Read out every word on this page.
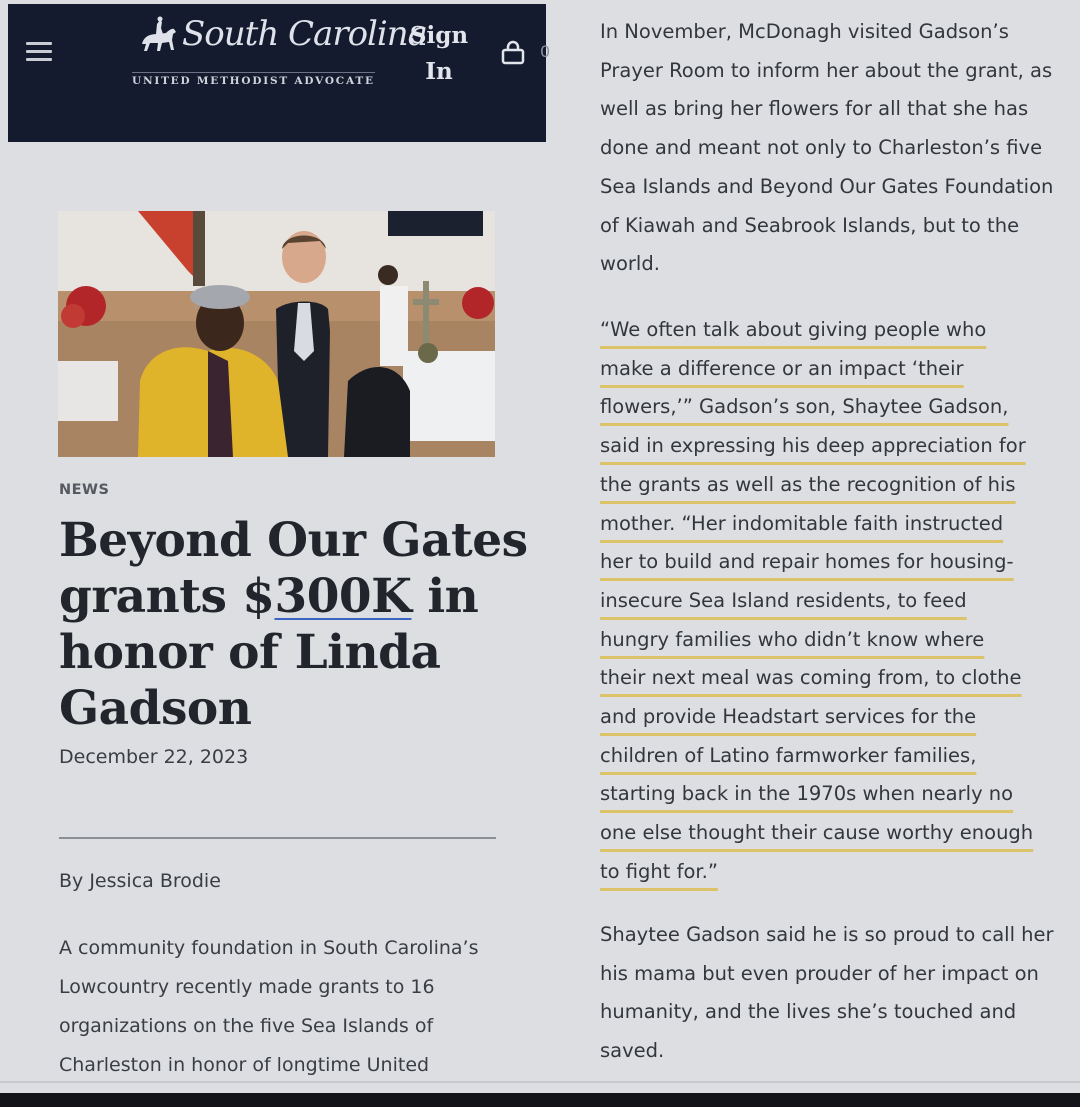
South Carolina
UNITED METHODIST ADVOCATE
Sign In
0
NEWS
Beyond Our Gates grants $300K in honor of Linda Gadson
December 22, 2023
By Jessica Brodie

A community foundation in South Carolina’s Lowcountry recently made grants to 16 organizations on the five Sea Islands of Charleston in honor of longtime United

In November, McDonagh visited Gadson’s Prayer Room to inform her about the grant, as well as bring her flowers for all that she has done and meant not only to Charleston’s five Sea Islands and Beyond Our Gates Foundation of Kiawah and Seabrook Islands, but to the world.

“We often talk about giving people who
make a difference or an impact ‘their
flowers,’” Gadson’s son, Shaytee Gadson,
said in expressing his deep appreciation for
the grants as well as the recognition of his
mother. “Her indomitable faith instructed
her to build and repair homes for housing-
insecure Sea Island residents, to feed
hungry families who didn’t know where
their next meal was coming from, to clothe
and provide Headstart services for the
children of Latino farmworker families,
starting back in the 1970s when nearly no
one else thought their cause worthy enough
to fight for.”

Shaytee Gadson said he is so proud to call her his mama but even prouder of her impact on humanity, and the lives she’s touched and saved.
